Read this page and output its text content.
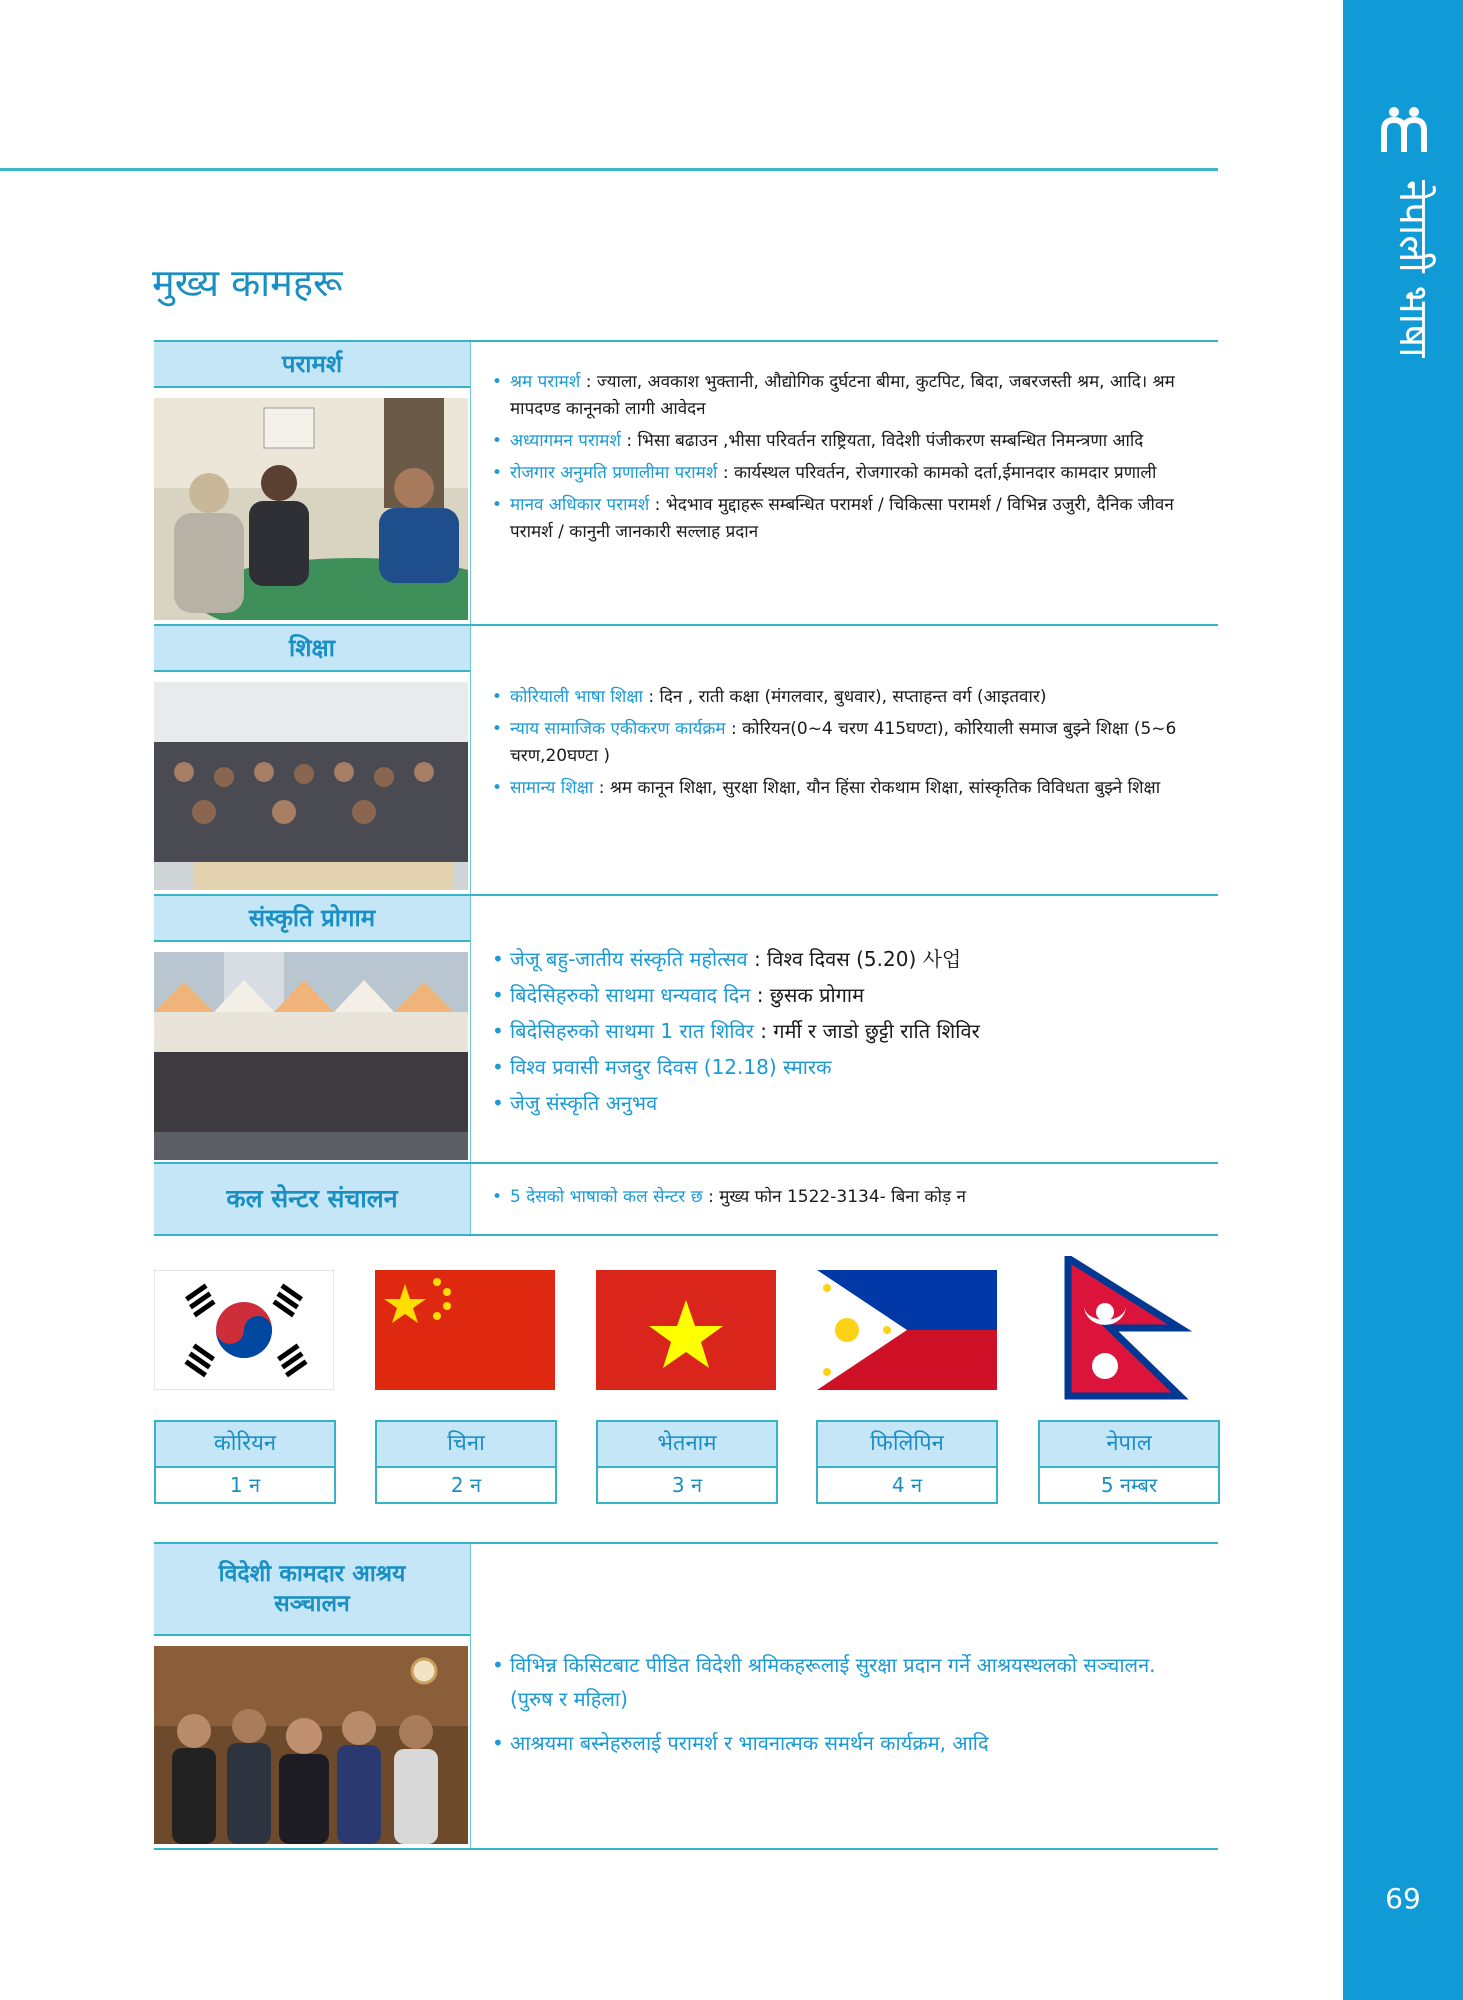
नेपाली भाषा
69
मुख्य कामहरू
परामर्श
• श्रम परामर्श : ज्याला, अवकाश भुक्तानी, औद्योगिक दुर्घटना बीमा, कुटपिट, बिदा, जबरजस्ती श्रम, आदि। श्रम मापदण्ड कानूनको लागी आवेदन
• अध्यागमन परामर्श : भिसा बढाउन ,भीसा परिवर्तन राष्ट्रियता, विदेशी पंजीकरण सम्बन्धित निमन्त्रणा आदि
• रोजगार अनुमति प्रणालीमा परामर्श : कार्यस्थल परिवर्तन, रोजगारको कामको दर्ता,ईमानदार कामदार प्रणाली
• मानव अधिकार परामर्श : भेदभाव मुद्दाहरू सम्बन्धित परामर्श / चिकित्सा परामर्श / विभिन्न उजुरी, दैनिक जीवन परामर्श / कानुनी जानकारी सल्लाह प्रदान
शिक्षा
• कोरियाली भाषा शिक्षा : दिन , राती कक्षा (मंगलवार, बुधवार), सप्ताहन्त वर्ग (आइतवार)
• न्याय सामाजिक एकीकरण कार्यक्रम : कोरियन(0~4 चरण 415घण्टा), कोरियाली समाज बुझ्ने शिक्षा (5~6 चरण,20घण्टा )
• सामान्य शिक्षा : श्रम कानून शिक्षा, सुरक्षा शिक्षा, यौन हिंसा रोकथाम शिक्षा, सांस्कृतिक विविधता बुझ्ने शिक्षा
संस्कृति प्रोगाम
• जेजू बहु-जातीय संस्कृति महोत्सव : विश्व दिवस (5.20) 사업
• बिदेसिहरुको साथमा धन्यवाद दिन : छुसक प्रोगाम
• बिदेसिहरुको साथमा 1 रात शिविर : गर्मी र जाडो छुट्टी राति शिविर
• विश्व प्रवासी मजदुर दिवस (12.18) स्मारक
• जेजु संस्कृति अनुभव
कल सेन्टर संचालन
•	5 देसको भाषाको कल सेन्टर छ : मुख्य फोन 1522-3134- बिना कोड़ न
कोरियन
1 न
चिना
2 न
भेतनाम
3 न
फिलिपिन
4 न
नेपाल
5 नम्बर
विदेशी कामदार आश्रय सञ्चालन
• विभिन्न किसिटबाट पीडित विदेशी श्रमिकहरूलाई सुरक्षा प्रदान गर्ने आश्रयस्थलको सञ्चालन. (पुरुष र महिला)
• आश्रयमा बस्नेहरुलाई परामर्श र भावनात्मक समर्थन कार्यक्रम, आदि
